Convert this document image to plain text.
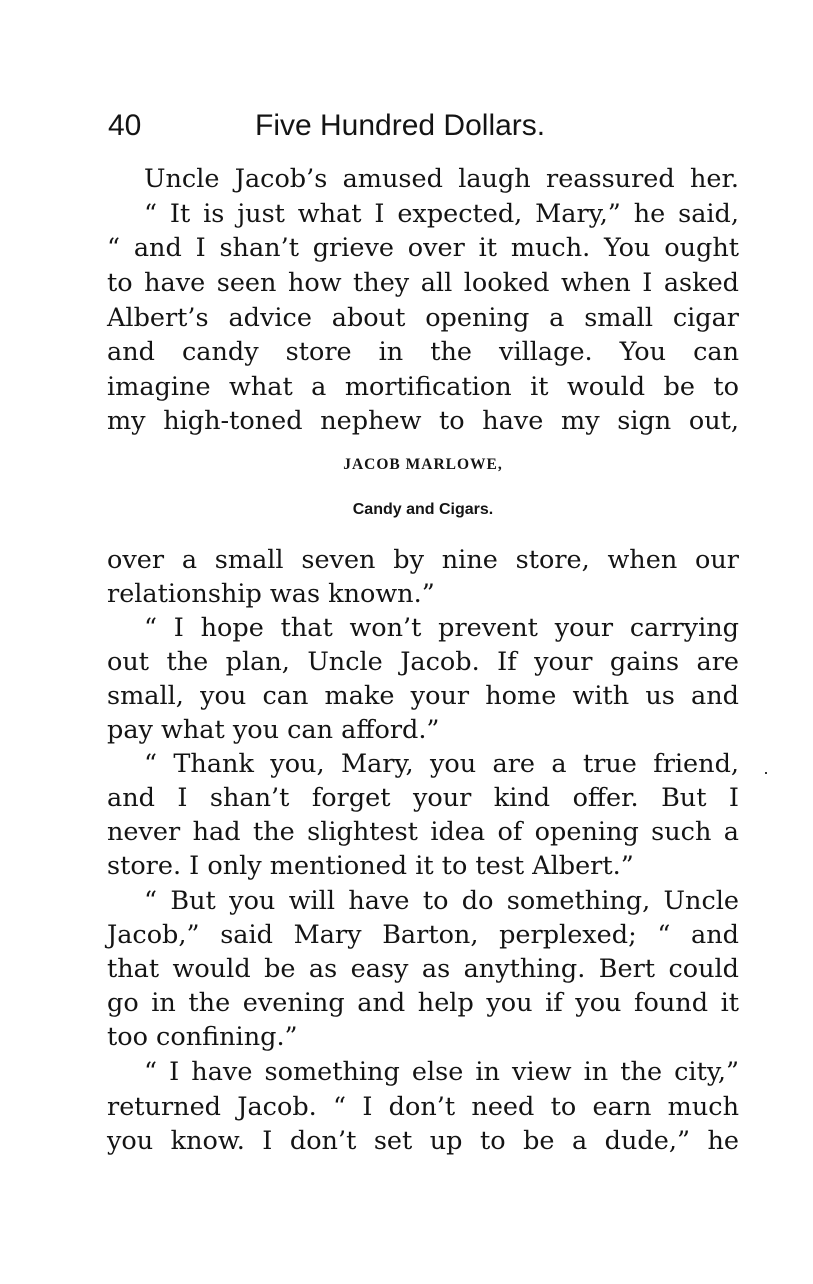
40	Five Hundred Dollars.
Uncle Jacob’s amused laugh reassured her.
“ It is just what I expected, Mary,” he said,
“ and I shan’t grieve over it much. You ought
to have seen how they all looked when I asked
Albert’s advice about opening a small cigar
and candy store in the village. You can
imagine what a mortification it would be to
my high-toned nephew to have my sign out,
JACOB MARLOWE,
Candy and Cigars.
over a small seven by nine store, when our
relationship was known.”
“ I hope that won’t prevent your carrying
out the plan, Uncle Jacob. If your gains are
small, you can make your home with us and
pay what you can afford.”
“ Thank you, Mary, you are a true friend,
and I shan’t forget your kind offer. But I
never had the slightest idea of opening such a
store. I only mentioned it to test Albert.”
“ But you will have to do something, Uncle
Jacob,” said Mary Barton, perplexed; “ and
that would be as easy as anything. Bert could
go in the evening and help you if you found it
too confining.”
“ I have something else in view in the city,”
returned Jacob. “ I don’t need to earn much
you know. I don’t set up to be a dude,” he
